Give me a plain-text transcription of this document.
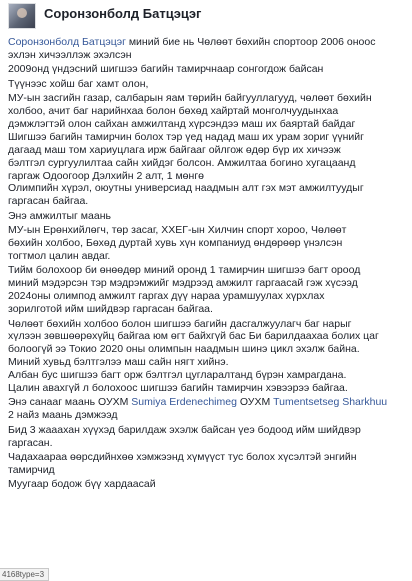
Соронзонболд Батцэцэг

Соронзонболд Батцэцэг миний бие нь Чөлөөт бөхийн спортоор 2006 оноос

эхлэн хичээллэж эхэлсэн

2009онд үндэсний шигшээ багийн тамирчнаар сонгогдож байсан

Түүнээс хойш баг хамт олон,

МУ-ын засгийн газар, салбарын яам төрийн байгууллагууд, чөлөөт бөхийн

холбоо, ачит баг нарийнхаа болон бөхөд хайртай монголчуудынхаа

дэмжлэгтэй олон сайхан амжилтанд хүрсэндээ маш их баяртай байдаг

Шигшээ багийн тамирчин болох тэр үед надад маш их урам зориг үүнийг

дагаад маш том хариуцлага ирж байгааг ойлгож өдөр бүр их хичээж

бэлтгэл сургуулилтаа сайн хийдэг болсон. Амжилтаа богино хугацаанд

гаргаж Одоогоор Дэлхийн 2 алт, 1 мөнгө

Олимпийн хүрэл, оюутны универсиад наадмын алт гэх мэт амжилтуудыг

гаргасан байгаа.

Энэ амжилтыг маань

МУ-ын Ерөнхийлөгч, төр засаг, ХХЕГ-ын Хилчин спорт хороо, Чөлөөт

бөхийн холбоо, Бөхөд дуртай хувь хүн компаниуд өндөрөөр үнэлсэн

тогтмол цалин авдаг.

Тийм болохоор би өнөөдөр миний оронд 1 тамирчин шигшээ багт ороод

миний мэдэрсэн тэр мэдрэмжийг мэдрээд амжилт гаргаасай гэж хүсээд

2024оны олимпод амжилт гаргах дүү нараа урамшуулах хүрхлах

зорилготой ийм шийдвэр гаргасан байгаа.

Чөлөөт бөхийн холбоо болон шигшээ багийн дасгалжуулагч баг нарыг

хүлээн зөвшөөрөхүйц байгаа юм өгт байхгүй бас Би барилдаахаа болих цаг

болоогүй ээ Токио 2020 оны олимпын наадмын шинэ цикл эхэлж байна.

Миний хувьд бэлтгэлээ маш сайн нягт хийнэ.

Албан бус шигшээ багт орж бэлтгэл цугларалтанд бүрэн хамрагдана.

Цалин авахгүй л болохоос шигшээ багийн тамирчин хэвээрээ байгаа.

Энэ санааг маань ОУХМ Sumiya Erdenechimeg ОУХМ Tumentsetseg Sharkhuu

2 найз маань дэмжээд

Бид 3 жааахан хүүхэд барилдаж эхэлж байсан үеэ бодоод ийм шийдвэр

гаргасан.

Чадахаараа өөрсдийнхөө хэмжээнд хүмүүст тус болох хүсэлтэй энгийн

тамирчид

Муугаар бодож бүү хардаасай

4168type=3
